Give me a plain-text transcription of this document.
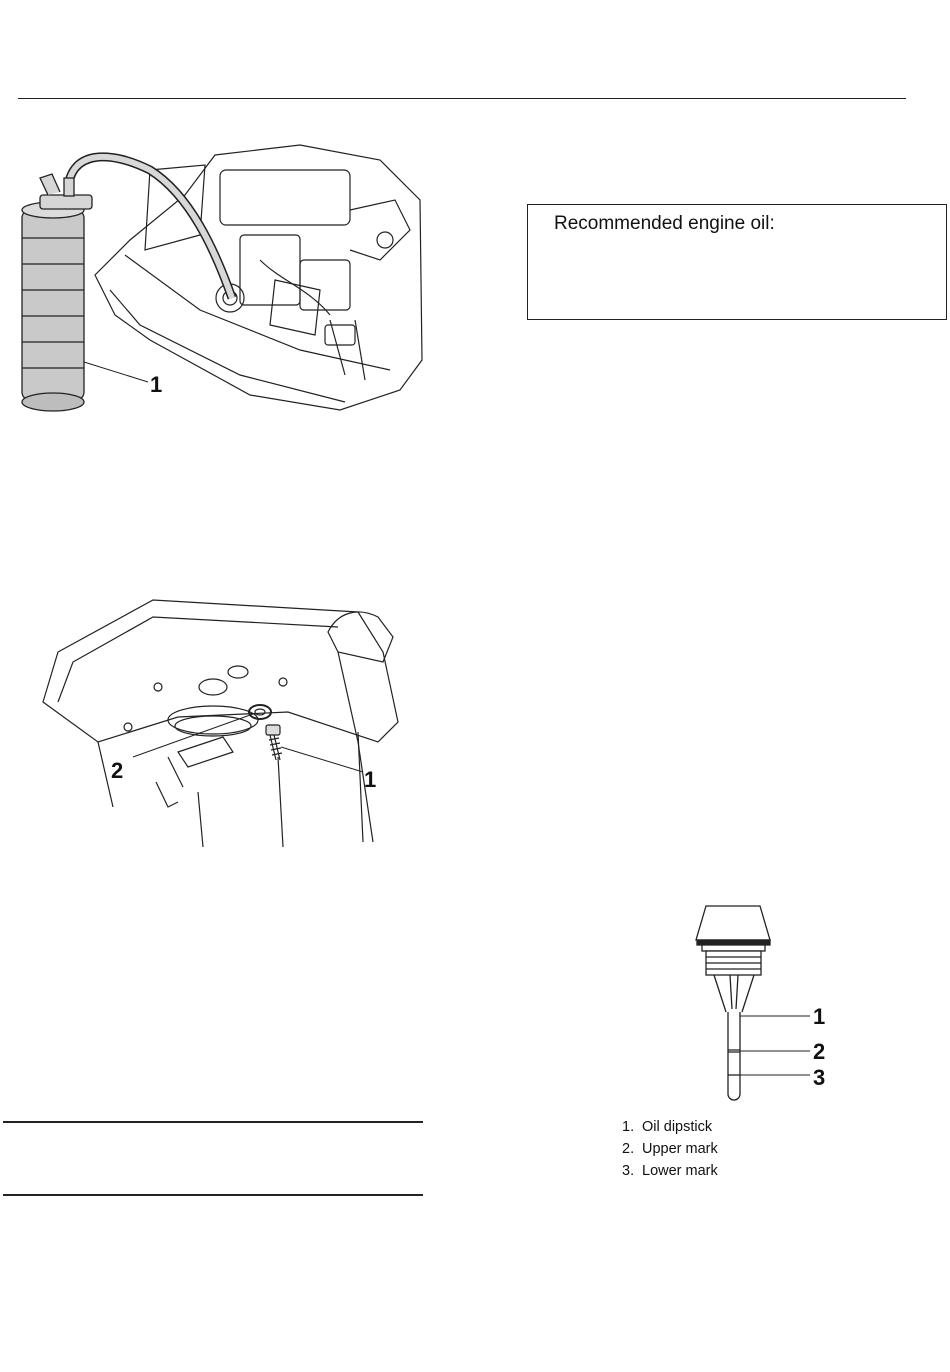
1
Recommended engine oil:
2	1
1
2
3
1. Oil dipstick
2. Upper mark
3. Lower mark
